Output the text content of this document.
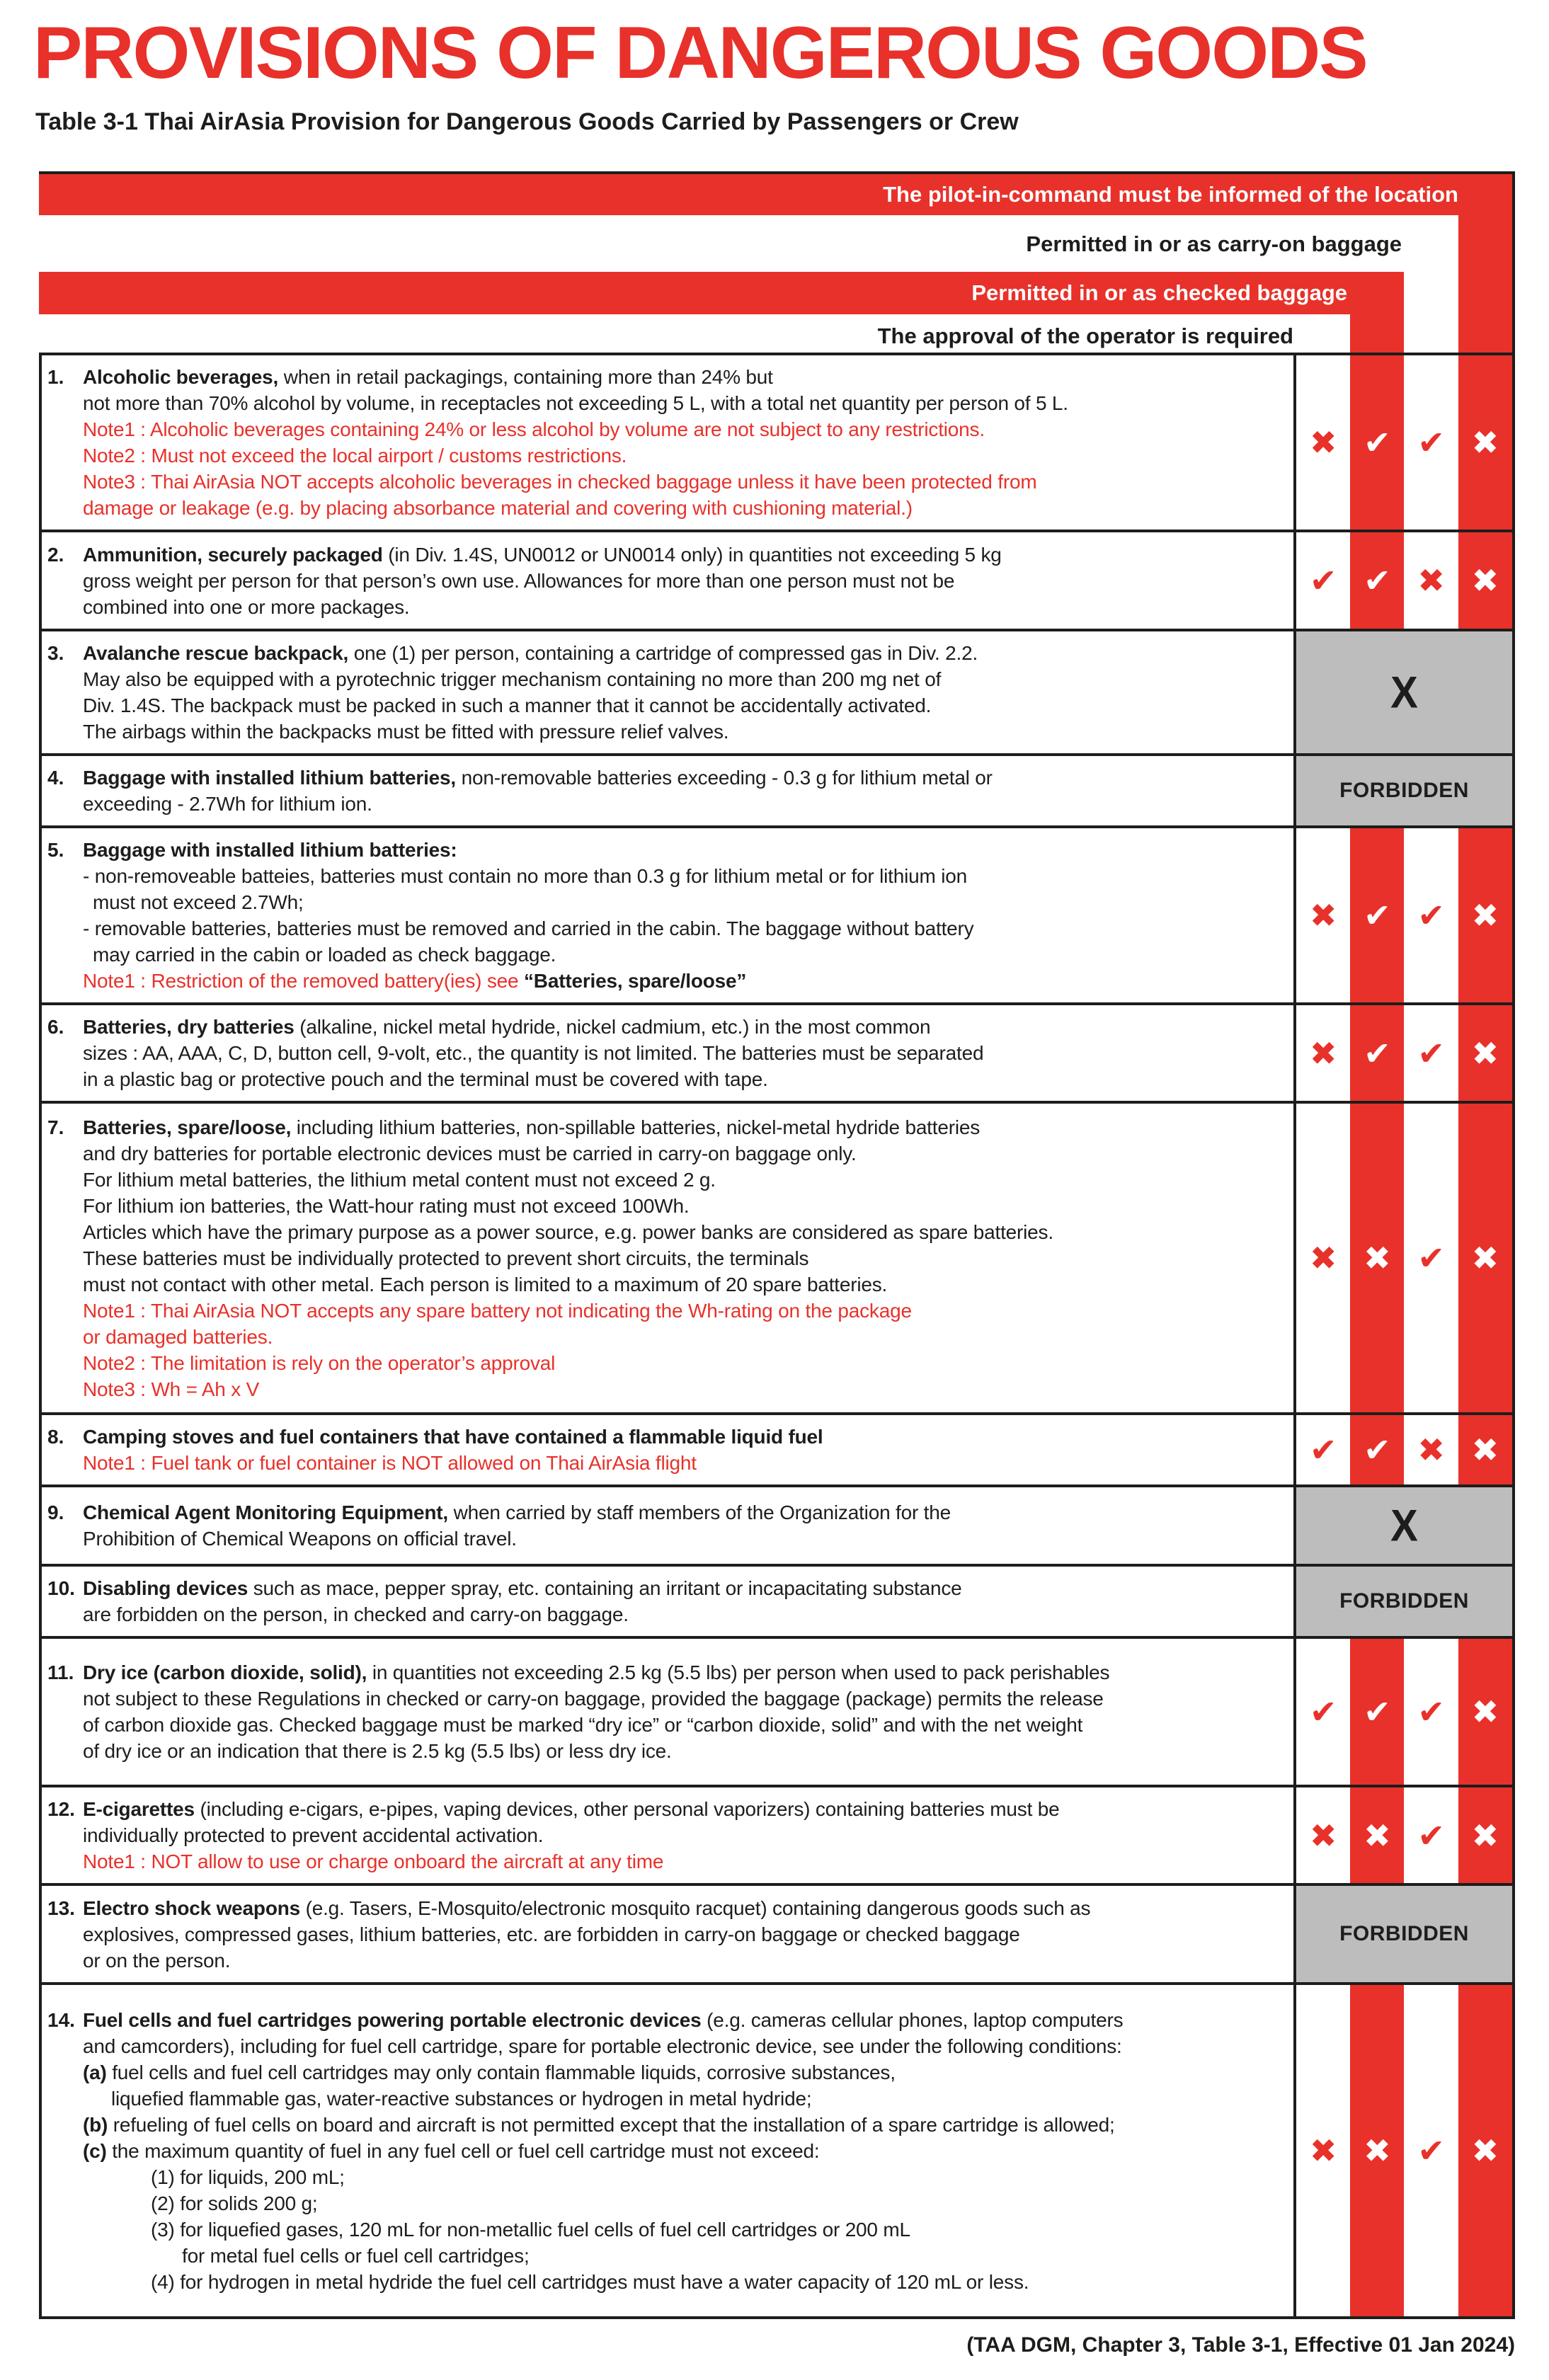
PROVISIONS OF DANGEROUS GOODS
Table 3-1 Thai AirAsia Provision for Dangerous Goods Carried by Passengers or Crew
The pilot-in-command must be informed of the location
Permitted in or as carry-on baggage
Permitted in or as checked baggage
The approval of the operator is required
1. Alcoholic beverages, when in retail packagings, containing more than 24% but
not more than 70% alcohol by volume, in receptacles not exceeding 5 L, with a total net quantity per person of 5 L.
Note1 : Alcoholic beverages containing 24% or less alcohol by volume are not subject to any restrictions.
Note2 : Must not exceed the local airport / customs restrictions.
Note3 : Thai AirAsia NOT accepts alcoholic beverages in checked baggage unless it have been protected from
damage or leakage (e.g. by placing absorbance material and covering with cushioning material.)
✖ ✔ ✔ ✖
2. Ammunition, securely packaged (in Div. 1.4S, UN0012 or UN0014 only) in quantities not exceeding 5 kg
gross weight per person for that person’s own use. Allowances for more than one person must not be
combined into one or more packages.
✔ ✔ ✖ ✖
3. Avalanche rescue backpack, one (1) per person, containing a cartridge of compressed gas in Div. 2.2.
May also be equipped with a pyrotechnic trigger mechanism containing no more than 200 mg net of
Div. 1.4S. The backpack must be packed in such a manner that it cannot be accidentally activated.
The airbags within the backpacks must be fitted with pressure relief valves.
X
4. Baggage with installed lithium batteries, non-removable batteries exceeding - 0.3 g for lithium metal or
exceeding - 2.7Wh for lithium ion.
FORBIDDEN
5. Baggage with installed lithium batteries:
- non-removeable batteies, batteries must contain no more than 0.3 g for lithium metal or for lithium ion
must not exceed 2.7Wh;
- removable batteries, batteries must be removed and carried in the cabin. The baggage without battery
may carried in the cabin or loaded as check baggage.
Note1 : Restriction of the removed battery(ies) see “Batteries, spare/loose”
✖ ✔ ✔ ✖
6. Batteries, dry batteries (alkaline, nickel metal hydride, nickel cadmium, etc.) in the most common
sizes : AA, AAA, C, D, button cell, 9-volt, etc., the quantity is not limited. The batteries must be separated
in a plastic bag or protective pouch and the terminal must be covered with tape.
✖ ✔ ✔ ✖
7. Batteries, spare/loose, including lithium batteries, non-spillable batteries, nickel-metal hydride batteries
and dry batteries for portable electronic devices must be carried in carry-on baggage only.
For lithium metal batteries, the lithium metal content must not exceed 2 g.
For lithium ion batteries, the Watt-hour rating must not exceed 100Wh.
Articles which have the primary purpose as a power source, e.g. power banks are considered as spare batteries.
These batteries must be individually protected to prevent short circuits, the terminals
must not contact with other metal. Each person is limited to a maximum of 20 spare batteries.
Note1 : Thai AirAsia NOT accepts any spare battery not indicating the Wh-rating on the package
or damaged batteries.
Note2 : The limitation is rely on the operator’s approval
Note3 : Wh = Ah x V
✖ ✖ ✔ ✖
8. Camping stoves and fuel containers that have contained a flammable liquid fuel
Note1 : Fuel tank or fuel container is NOT allowed on Thai AirAsia flight	✔ ✔ ✖ ✖
9. Chemical Agent Monitoring Equipment, when carried by staff members of the Organization for the
Prohibition of Chemical Weapons on official travel.	X
10. Disabling devices such as mace, pepper spray, etc. containing an irritant or incapacitating substance
are forbidden on the person, in checked and carry-on baggage.
FORBIDDEN
11. Dry ice (carbon dioxide, solid), in quantities not exceeding 2.5 kg (5.5 lbs) per person when used to pack perishables
not subject to these Regulations in checked or carry-on baggage, provided the baggage (package) permits the release
of carbon dioxide gas. Checked baggage must be marked “dry ice” or “carbon dioxide, solid” and with the net weight
of dry ice or an indication that there is 2.5 kg (5.5 lbs) or less dry ice.
✔ ✔ ✔ ✖
12. E-cigarettes (including e-cigars, e-pipes, vaping devices, other personal vaporizers) containing batteries must be
individually protected to prevent accidental activation.
Note1 : NOT allow to use or charge onboard the aircraft at any time
✖ ✖ ✔ ✖
13. Electro shock weapons (e.g. Tasers, E-Mosquito/electronic mosquito racquet) containing dangerous goods such as
explosives, compressed gases, lithium batteries, etc. are forbidden in carry-on baggage or checked baggage
or on the person.
FORBIDDEN
14. Fuel cells and fuel cartridges powering portable electronic devices (e.g. cameras cellular phones, laptop computers
and camcorders), including for fuel cell cartridge, spare for portable electronic device, see under the following conditions:
(a) fuel cells and fuel cell cartridges may only contain flammable liquids, corrosive substances,
liquefied flammable gas, water-reactive substances or hydrogen in metal hydride;
(b) refueling of fuel cells on board and aircraft is not permitted except that the installation of a spare cartridge is allowed;
(c) the maximum quantity of fuel in any fuel cell or fuel cell cartridge must not exceed:
(1) for liquids, 200 mL;
(2) for solids 200 g;
(3) for liquefied gases, 120 mL for non-metallic fuel cells of fuel cell cartridges or 200 mL
for metal fuel cells or fuel cell cartridges;
(4) for hydrogen in metal hydride the fuel cell cartridges must have a water capacity of 120 mL or less.
✖ ✖ ✔ ✖
(TAA DGM, Chapter 3, Table 3-1, Effective 01 Jan 2024)
